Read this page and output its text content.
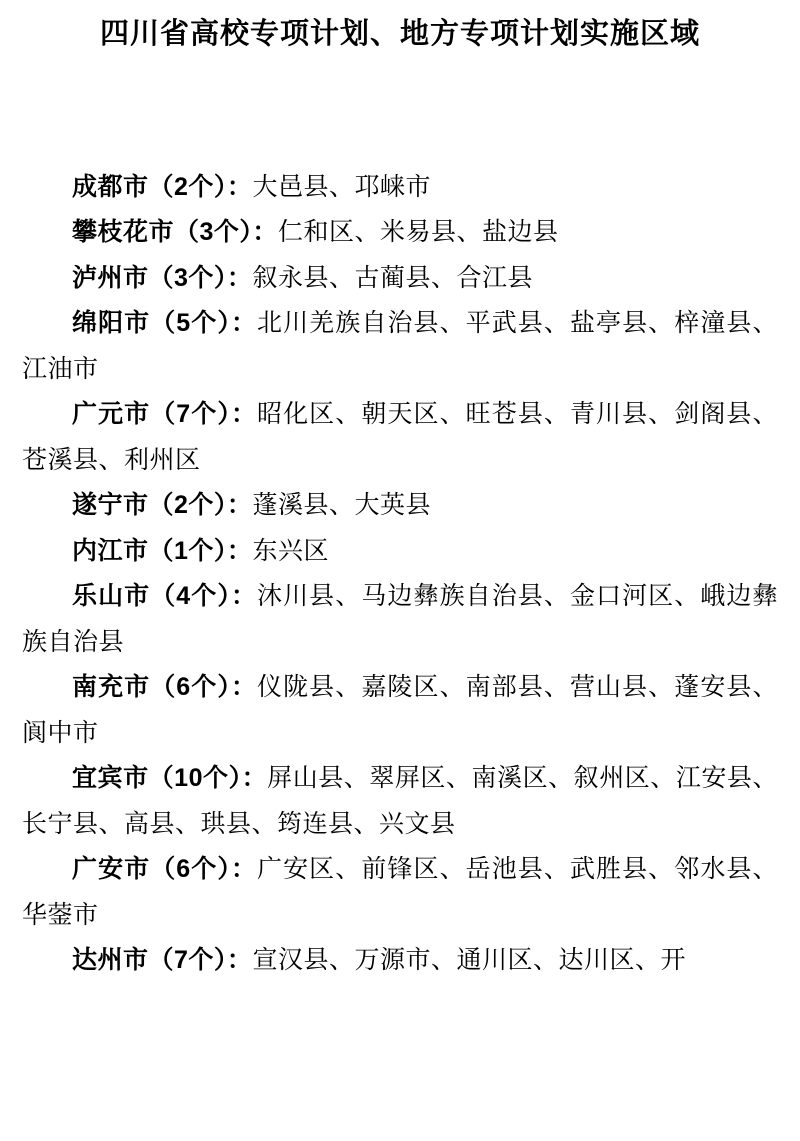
四川省高校专项计划、地方专项计划实施区域

成都市（2个）：大邑县、邛崃市

攀枝花市（3个）：仁和区、米易县、盐边县

泸州市（3个）：叙永县、古蔺县、合江县

绵阳市（5个）：北川羌族自治县、平武县、盐亭县、梓潼县、江油市

广元市（7个）：昭化区、朝天区、旺苍县、青川县、剑阁县、苍溪县、利州区

遂宁市（2个）：蓬溪县、大英县

内江市（1个）：东兴区

乐山市（4个）：沐川县、马边彝族自治县、金口河区、峨边彝族自治县

南充市（6个）：仪陇县、嘉陵区、南部县、营山县、蓬安县、阆中市

宜宾市（10个）：屏山县、翠屏区、南溪区、叙州区、江安县、长宁县、高县、珙县、筠连县、兴文县

广安市（6个）：广安区、前锋区、岳池县、武胜县、邻水县、华蓥市

达州市（7个）：宣汉县、万源市、通川区、达川区、开
